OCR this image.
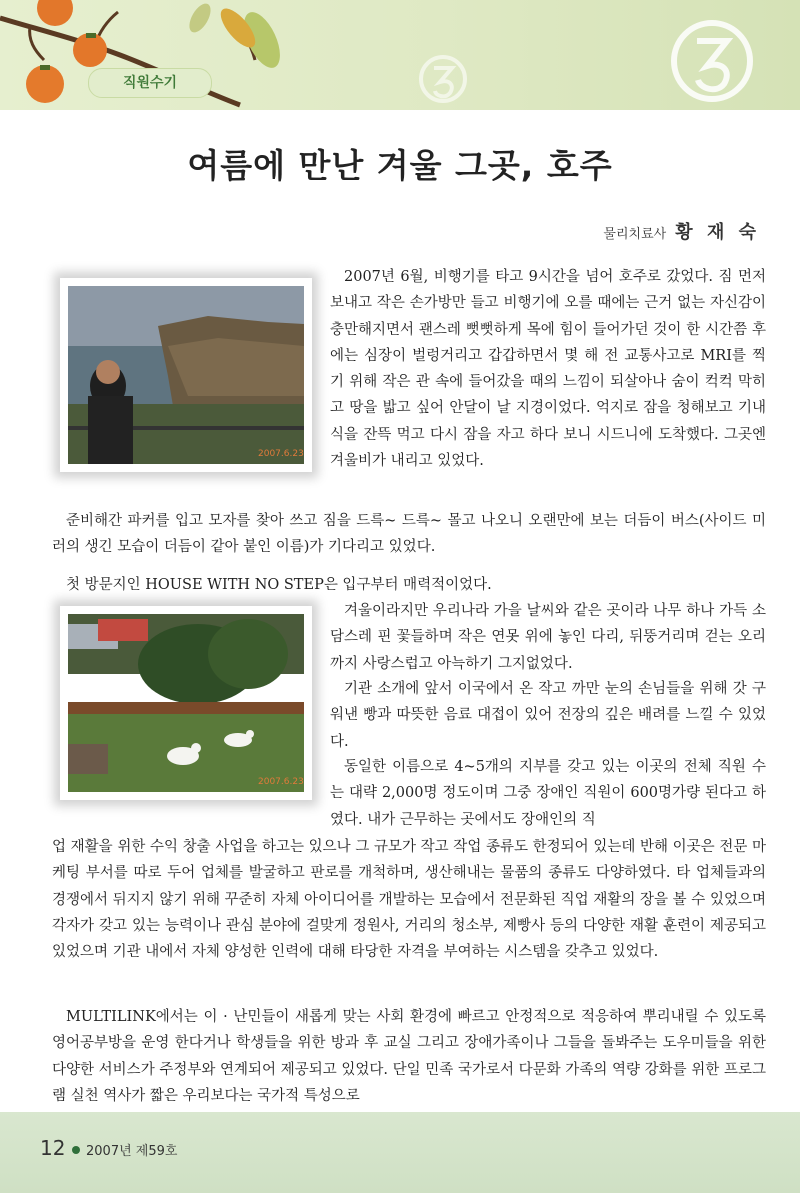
직원수기
여름에 만난 겨울 그곳, 호주
물리치료사 황 재 숙
2007.6.23
2007.6.23

2007년 6월, 비행기를 타고 9시간을 넘어 호주로 갔었다. 짐 먼저 보내고 작은 손가방만 들고 비행기에 오를 때에는 근거 없는 자신감이 충만해지면서 괜스레 뻣뻣하게 목에 힘이 들어가던 것이 한 시간쯤 후에는 심장이 벌렁거리고 갑갑하면서 몇 해 전 교통사고로 MRI를 찍기 위해 작은 관 속에 들어갔을 때의 느낌이 되살아나 숨이 컥컥 막히고 땅을 밟고 싶어 안달이 날 지경이었다. 억지로 잠을 청해보고 기내식을 잔뜩 먹고 다시 잠을 자고 하다 보니 시드니에 도착했다. 그곳엔 겨울비가 내리고 있었다.

준비해간 파커를 입고 모자를 찾아 쓰고 짐을 드륵~ 드륵~ 몰고 나오니 오랜만에 보는 더듬이 버스(사이드 미러의 생긴 모습이 더듬이 같아 붙인 이름)가 기다리고 있었다.

첫 방문지인 HOUSE WITH NO STEP은 입구부터 매력적이었다.

겨울이라지만 우리나라 가을 날씨와 같은 곳이라 나무 하나 가득 소담스레 핀 꽃들하며 작은 연못 위에 놓인 다리, 뒤뚱거리며 걷는 오리까지 사랑스럽고 아늑하기 그지없었다.

기관 소개에 앞서 이국에서 온 작고 까만 눈의 손님들을 위해 갓 구워낸 빵과 따뜻한 음료 대접이 있어 전장의 깊은 배려를 느낄 수 있었다.

동일한 이름으로 4~5개의 지부를 갖고 있는 이곳의 전체 직원 수는 대략 2,000명 정도이며 그중 장애인 직원이 600명가량 된다고 하였다. 내가 근무하는 곳에서도 장애인의 직

업 재활을 위한 수익 창출 사업을 하고는 있으나 그 규모가 작고 작업 종류도 한정되어 있는데 반해 이곳은 전문 마케팅 부서를 따로 두어 업체를 발굴하고 판로를 개척하며, 생산해내는 물품의 종류도 다양하였다. 타 업체들과의 경쟁에서 뒤지지 않기 위해 꾸준히 자체 아이디어를 개발하는 모습에서 전문화된 직업 재활의 장을 볼 수 있었으며 각자가 갖고 있는 능력이나 관심 분야에 걸맞게 정원사, 거리의 청소부, 제빵사 등의 다양한 재활 훈련이 제공되고 있었으며 기관 내에서 자체 양성한 인력에 대해 타당한 자격을 부여하는 시스템을 갖추고 있었다.

MULTILINK에서는 이 · 난민들이 새롭게 맞는 사회 환경에 빠르고 안정적으로 적응하여 뿌리내릴 수 있도록 영어공부방을 운영 한다거나 학생들을 위한 방과 후 교실 그리고 장애가족이나 그들을 돌봐주는 도우미들을 위한 다양한 서비스가 주정부와 연계되어 제공되고 있었다. 단일 민족 국가로서 다문화 가족의 역량 강화를 위한 프로그램 실천 역사가 짧은 우리보다는 국가적 특성으로

12 2007년 제59호
